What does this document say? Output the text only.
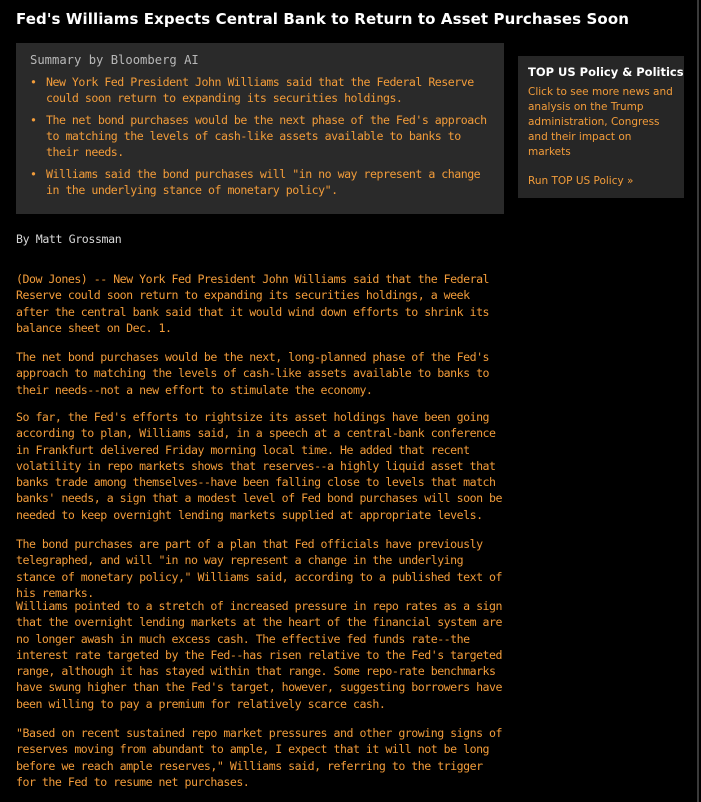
Fed's Williams Expects Central Bank to Return to Asset Purchases Soon
Summary by Bloomberg AI
• New York Fed President John Williams said that the Federal Reserve could soon return to expanding its securities holdings.
• The net bond purchases would be the next phase of the Fed's approach to matching the levels of cash-like assets available to banks to their needs.
• Williams said the bond purchases will "in no way represent a change in the underlying stance of monetary policy".
TOP US Policy & Politics
Click to see more news and analysis on the Trump administration, Congress and their impact on markets
Run TOP US Policy »
By Matt Grossman

(Dow Jones) -- New York Fed President John Williams said that the Federal Reserve could soon return to expanding its securities holdings, a week after the central bank said that it would wind down efforts to shrink its balance sheet on Dec. 1.

The net bond purchases would be the next, long-planned phase of the Fed's approach to matching the levels of cash-like assets available to banks to their needs--not a new effort to stimulate the economy.

So far, the Fed's efforts to rightsize its asset holdings have been going according to plan, Williams said, in a speech at a central-bank conference in Frankfurt delivered Friday morning local time. He added that recent volatility in repo markets shows that reserves--a highly liquid asset that banks trade among themselves--have been falling close to levels that match banks' needs, a sign that a modest level of Fed bond purchases will soon be needed to keep overnight lending markets supplied at appropriate levels.

The bond purchases are part of a plan that Fed officials have previously telegraphed, and will "in no way represent a change in the underlying stance of monetary policy," Williams said, according to a published text of his remarks.

Williams pointed to a stretch of increased pressure in repo rates as a sign that the overnight lending markets at the heart of the financial system are no longer awash in much excess cash. The effective fed funds rate--the interest rate targeted by the Fed--has risen relative to the Fed's targeted range, although it has stayed within that range. Some repo-rate benchmarks have swung higher than the Fed's target, however, suggesting borrowers have been willing to pay a premium for relatively scarce cash.

"Based on recent sustained repo market pressures and other growing signs of reserves moving from abundant to ample, I expect that it will not be long before we reach ample reserves," Williams said, referring to the trigger for the Fed to resume net purchases.
